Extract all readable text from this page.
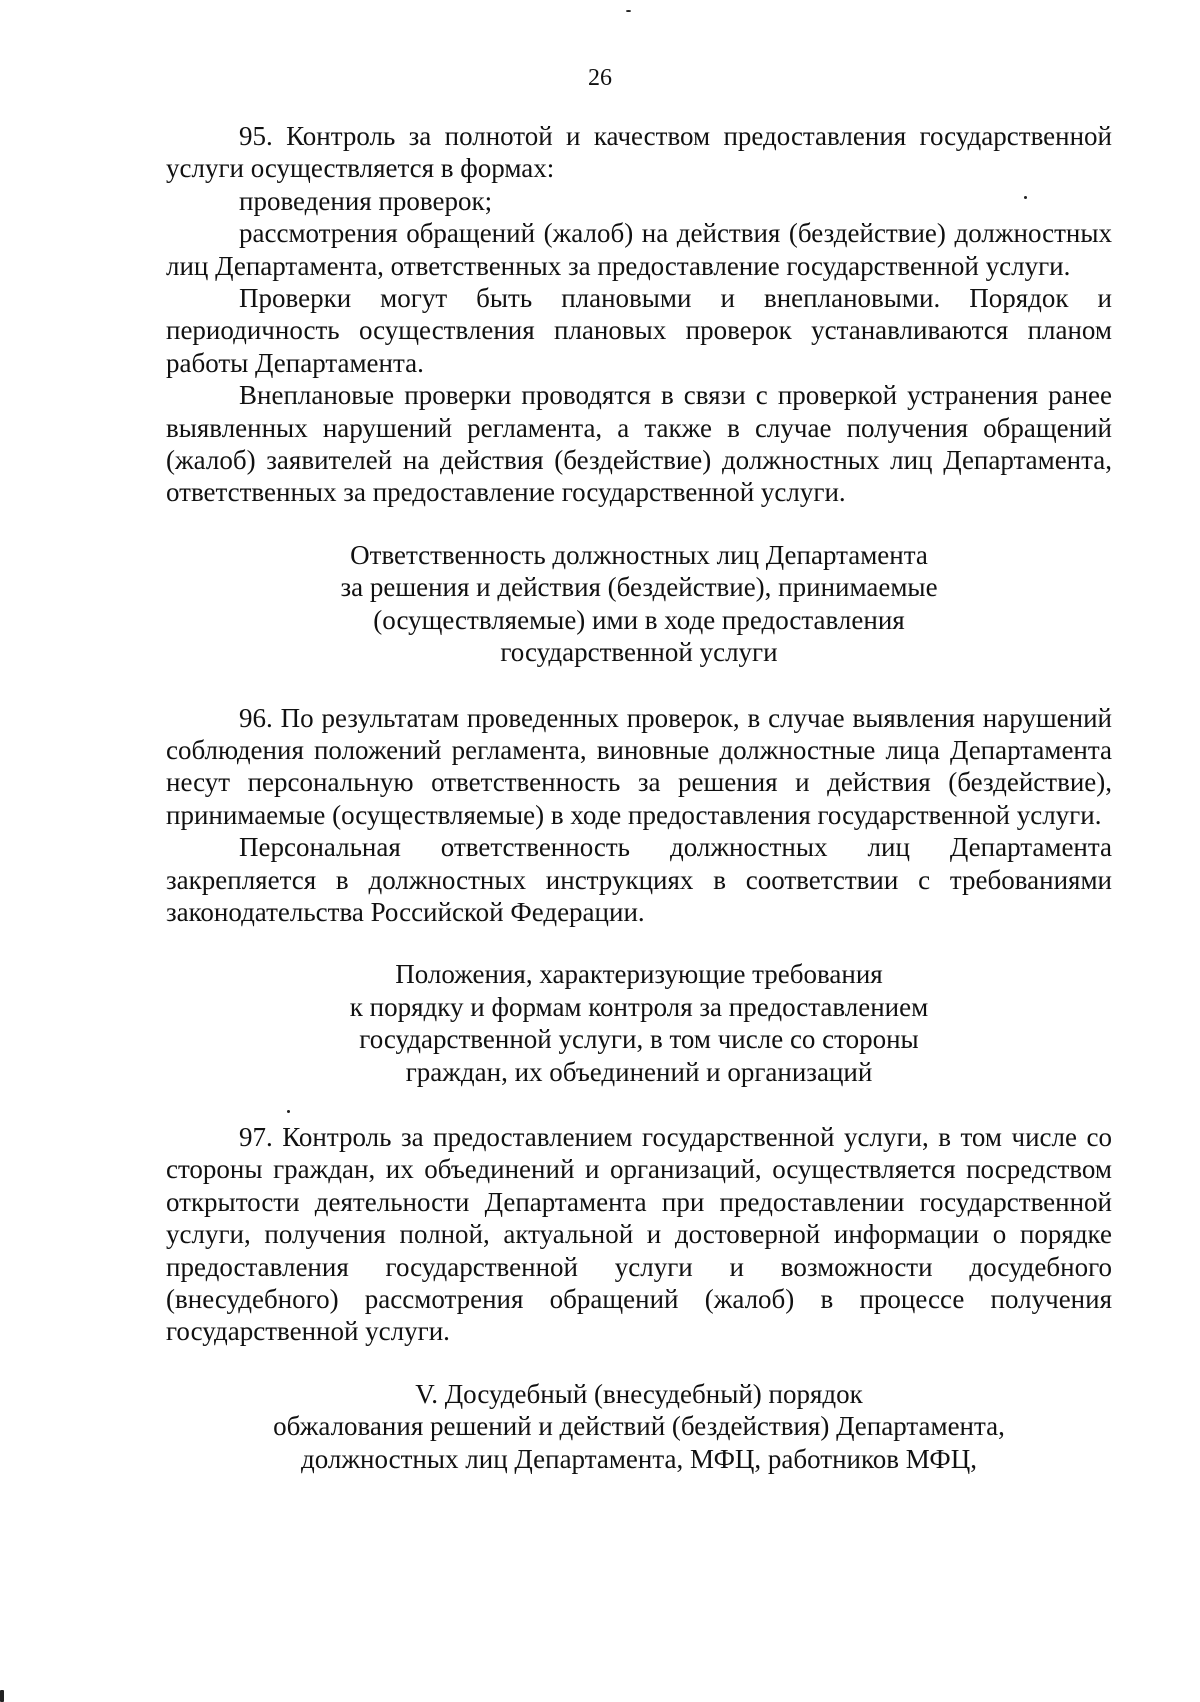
26

95. Контроль за полнотой и качеством предоставления государственной услуги осуществляется в формах:

проведения проверок;

рассмотрения обращений (жалоб) на действия (бездействие) должностных лиц Департамента, ответственных за предоставление государственной услуги.

Проверки могут быть плановыми и внеплановыми. Порядок и периодичность осуществления плановых проверок устанавливаются планом работы Департамента.

Внеплановые проверки проводятся в связи с проверкой устранения ранее выявленных нарушений регламента, а также в случае получения обращений (жалоб) заявителей на действия (бездействие) должностных лиц Департамента, ответственных за предоставление государственной услуги.

Ответственность должностных лиц Департамента
за решения и действия (бездействие), принимаемые
(осуществляемые) ими в ходе предоставления
государственной услуги

96. По результатам проведенных проверок, в случае выявления нарушений соблюдения положений регламента, виновные должностные лица Департамента несут персональную ответственность за решения и действия (бездействие), принимаемые (осуществляемые) в ходе предоставления государственной услуги.

Персональная ответственность должностных лиц Департамента закрепляется в должностных инструкциях в соответствии с требованиями законодательства Российской Федерации.

Положения, характеризующие требования
к порядку и формам контроля за предоставлением
государственной услуги, в том числе со стороны
граждан, их объединений и организаций

97. Контроль за предоставлением государственной услуги, в том числе со стороны граждан, их объединений и организаций, осуществляется посредством открытости деятельности Департамента при предоставлении государственной услуги, получения полной, актуальной и достоверной информации о порядке предоставления государственной услуги и возможности досудебного (внесудебного) рассмотрения обращений (жалоб) в процессе получения государственной услуги.

V. Досудебный (внесудебный) порядок
обжалования решений и действий (бездействия) Департамента,
должностных лиц Департамента, МФЦ, работников МФЦ,
